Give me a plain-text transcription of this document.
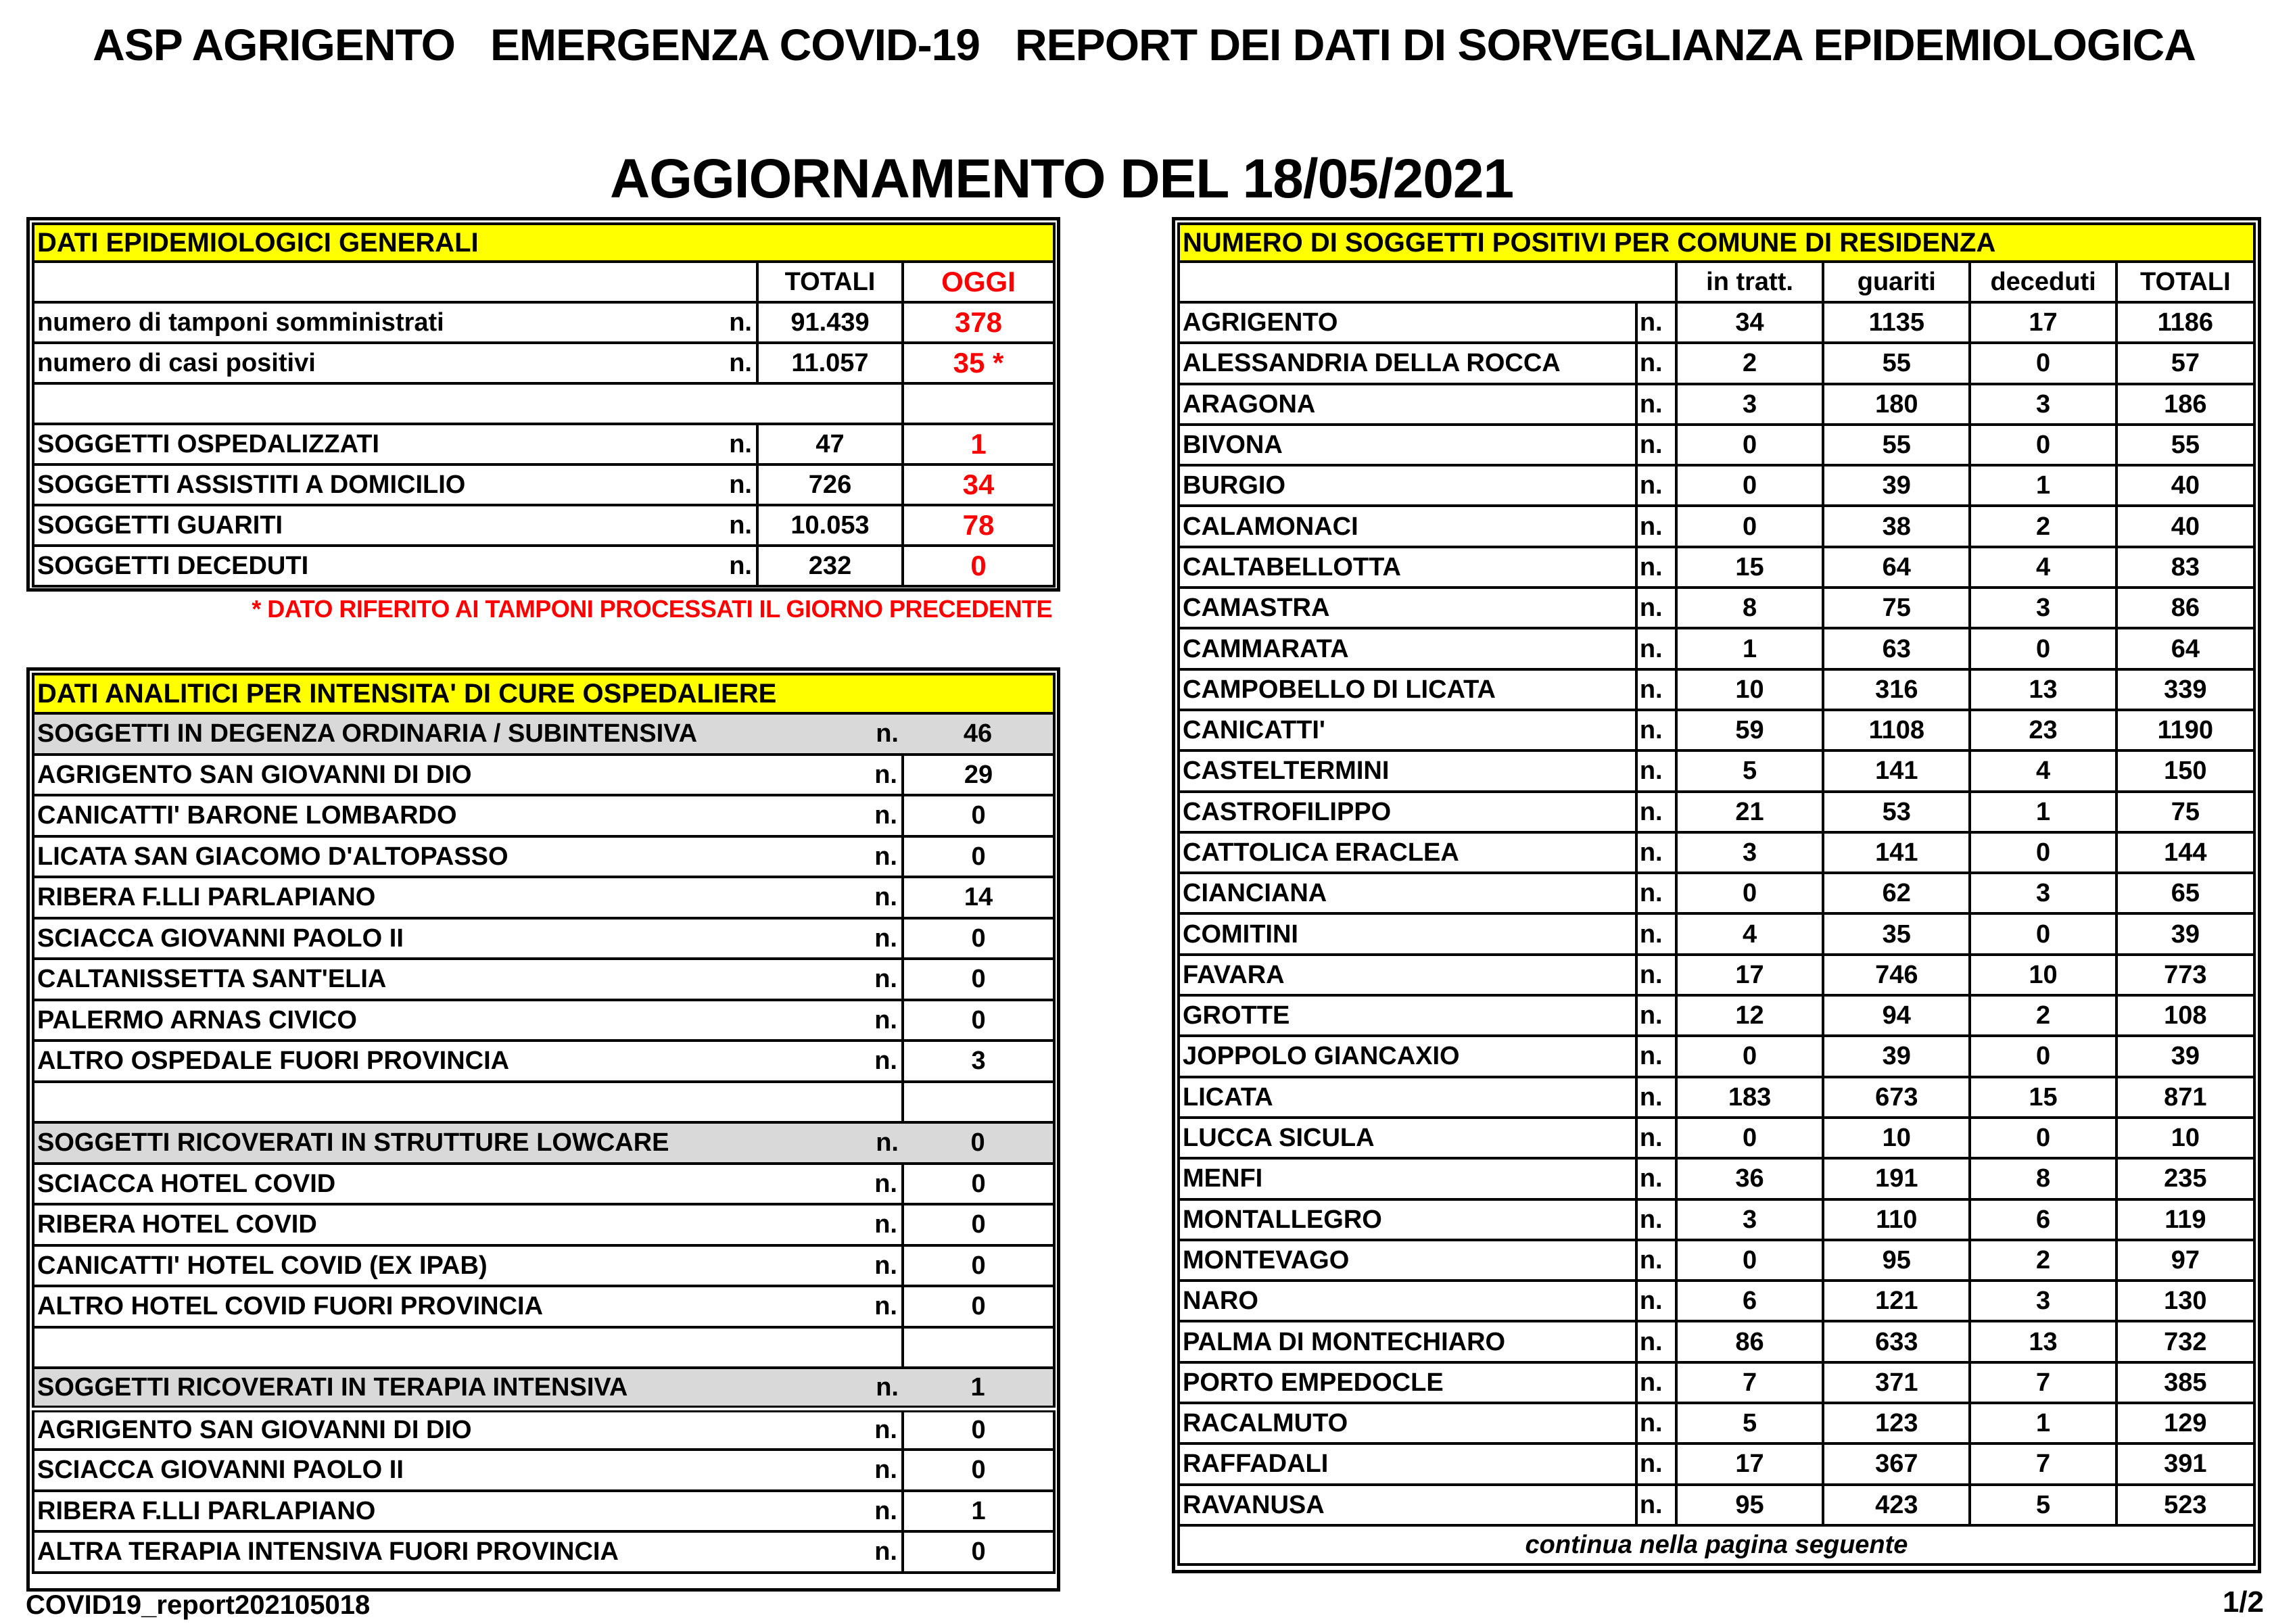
ASP AGRIGENTO EMERGENZA COVID-19 REPORT DEI DATI DI SORVEGLIANZA EPIDEMIOLOGICA
AGGIORNAMENTO DEL 18/05/2021
DATI EPIDEMIOLOGICI GENERALI		
	TOTALI	OGGI

numero di tamponi somministrati n.	91.439	378

numero di casi positivi n.	11.057	35 *

SOGGETTI OSPEDALIZZATI n.	47	1

SOGGETTI ASSISTITI A DOMICILIO n.	726	34

SOGGETTI GUARITI n.	10.053	78

SOGGETTI DECEDUTI n.	232	0
* DATO RIFERITO AI TAMPONI PROCESSATI IL GIORNO PRECEDENTE
DATI ANALITICI PER INTENSITA' DI CURE OSPEDALIERE		
SOGGETTI IN DEGENZA ORDINARIA / SUBINTENSIVA	n.	46
AGRIGENTO SAN GIOVANNI DI DIO	n.	29
CANICATTI' BARONE LOMBARDO	n.	0
LICATA SAN GIACOMO D'ALTOPASSO	n.	0
RIBERA F.LLI PARLAPIANO	n.	14
SCIACCA GIOVANNI PAOLO II	n.	0
CALTANISSETTA SANT'ELIA	n.	0
PALERMO ARNAS CIVICO	n.	0
ALTRO OSPEDALE FUORI PROVINCIA	n.	3

SOGGETTI RICOVERATI IN STRUTTURE LOWCARE	n.	0
SCIACCA HOTEL COVID	n.	0
RIBERA HOTEL COVID	n.	0
CANICATTI' HOTEL COVID (EX IPAB)	n.	0
ALTRO HOTEL COVID FUORI PROVINCIA	n.	0

SOGGETTI RICOVERATI IN TERAPIA INTENSIVA	n.	1
AGRIGENTO SAN GIOVANNI DI DIO	n.	0
SCIACCA GIOVANNI PAOLO II	n.	0
RIBERA F.LLI PARLAPIANO	n.	1
ALTRA TERAPIA INTENSIVA FUORI PROVINCIA	n.	0
NUMERO DI SOGGETTI POSITIVI PER COMUNE DI RESIDENZA					
		in tratt.	guariti	deceduti	TOTALI
AGRIGENTO	n.	34	1135	17	1186
ALESSANDRIA DELLA ROCCA	n.	2	55	0	57
ARAGONA	n.	3	180	3	186
BIVONA	n.	0	55	0	55
BURGIO	n.	0	39	1	40
CALAMONACI	n.	0	38	2	40
CALTABELLOTTA	n.	15	64	4	83
CAMASTRA	n.	8	75	3	86
CAMMARATA	n.	1	63	0	64
CAMPOBELLO DI LICATA	n.	10	316	13	339
CANICATTI'	n.	59	1108	23	1190
CASTELTERMINI	n.	5	141	4	150
CASTROFILIPPO	n.	21	53	1	75
CATTOLICA ERACLEA	n.	3	141	0	144
CIANCIANA	n.	0	62	3	65
COMITINI	n.	4	35	0	39
FAVARA	n.	17	746	10	773
GROTTE	n.	12	94	2	108
JOPPOLO GIANCAXIO	n.	0	39	0	39
LICATA	n.	183	673	15	871
LUCCA SICULA	n.	0	10	0	10
MENFI	n.	36	191	8	235
MONTALLEGRO	n.	3	110	6	119
MONTEVAGO	n.	0	95	2	97
NARO	n.	6	121	3	130
PALMA DI MONTECHIARO	n.	86	633	13	732
PORTO EMPEDOCLE	n.	7	371	7	385
RACALMUTO	n.	5	123	1	129
RAFFADALI	n.	17	367	7	391
RAVANUSA	n.	95	423	5	523
continua nella pagina seguente					
COVID19_report202105018	1/2
